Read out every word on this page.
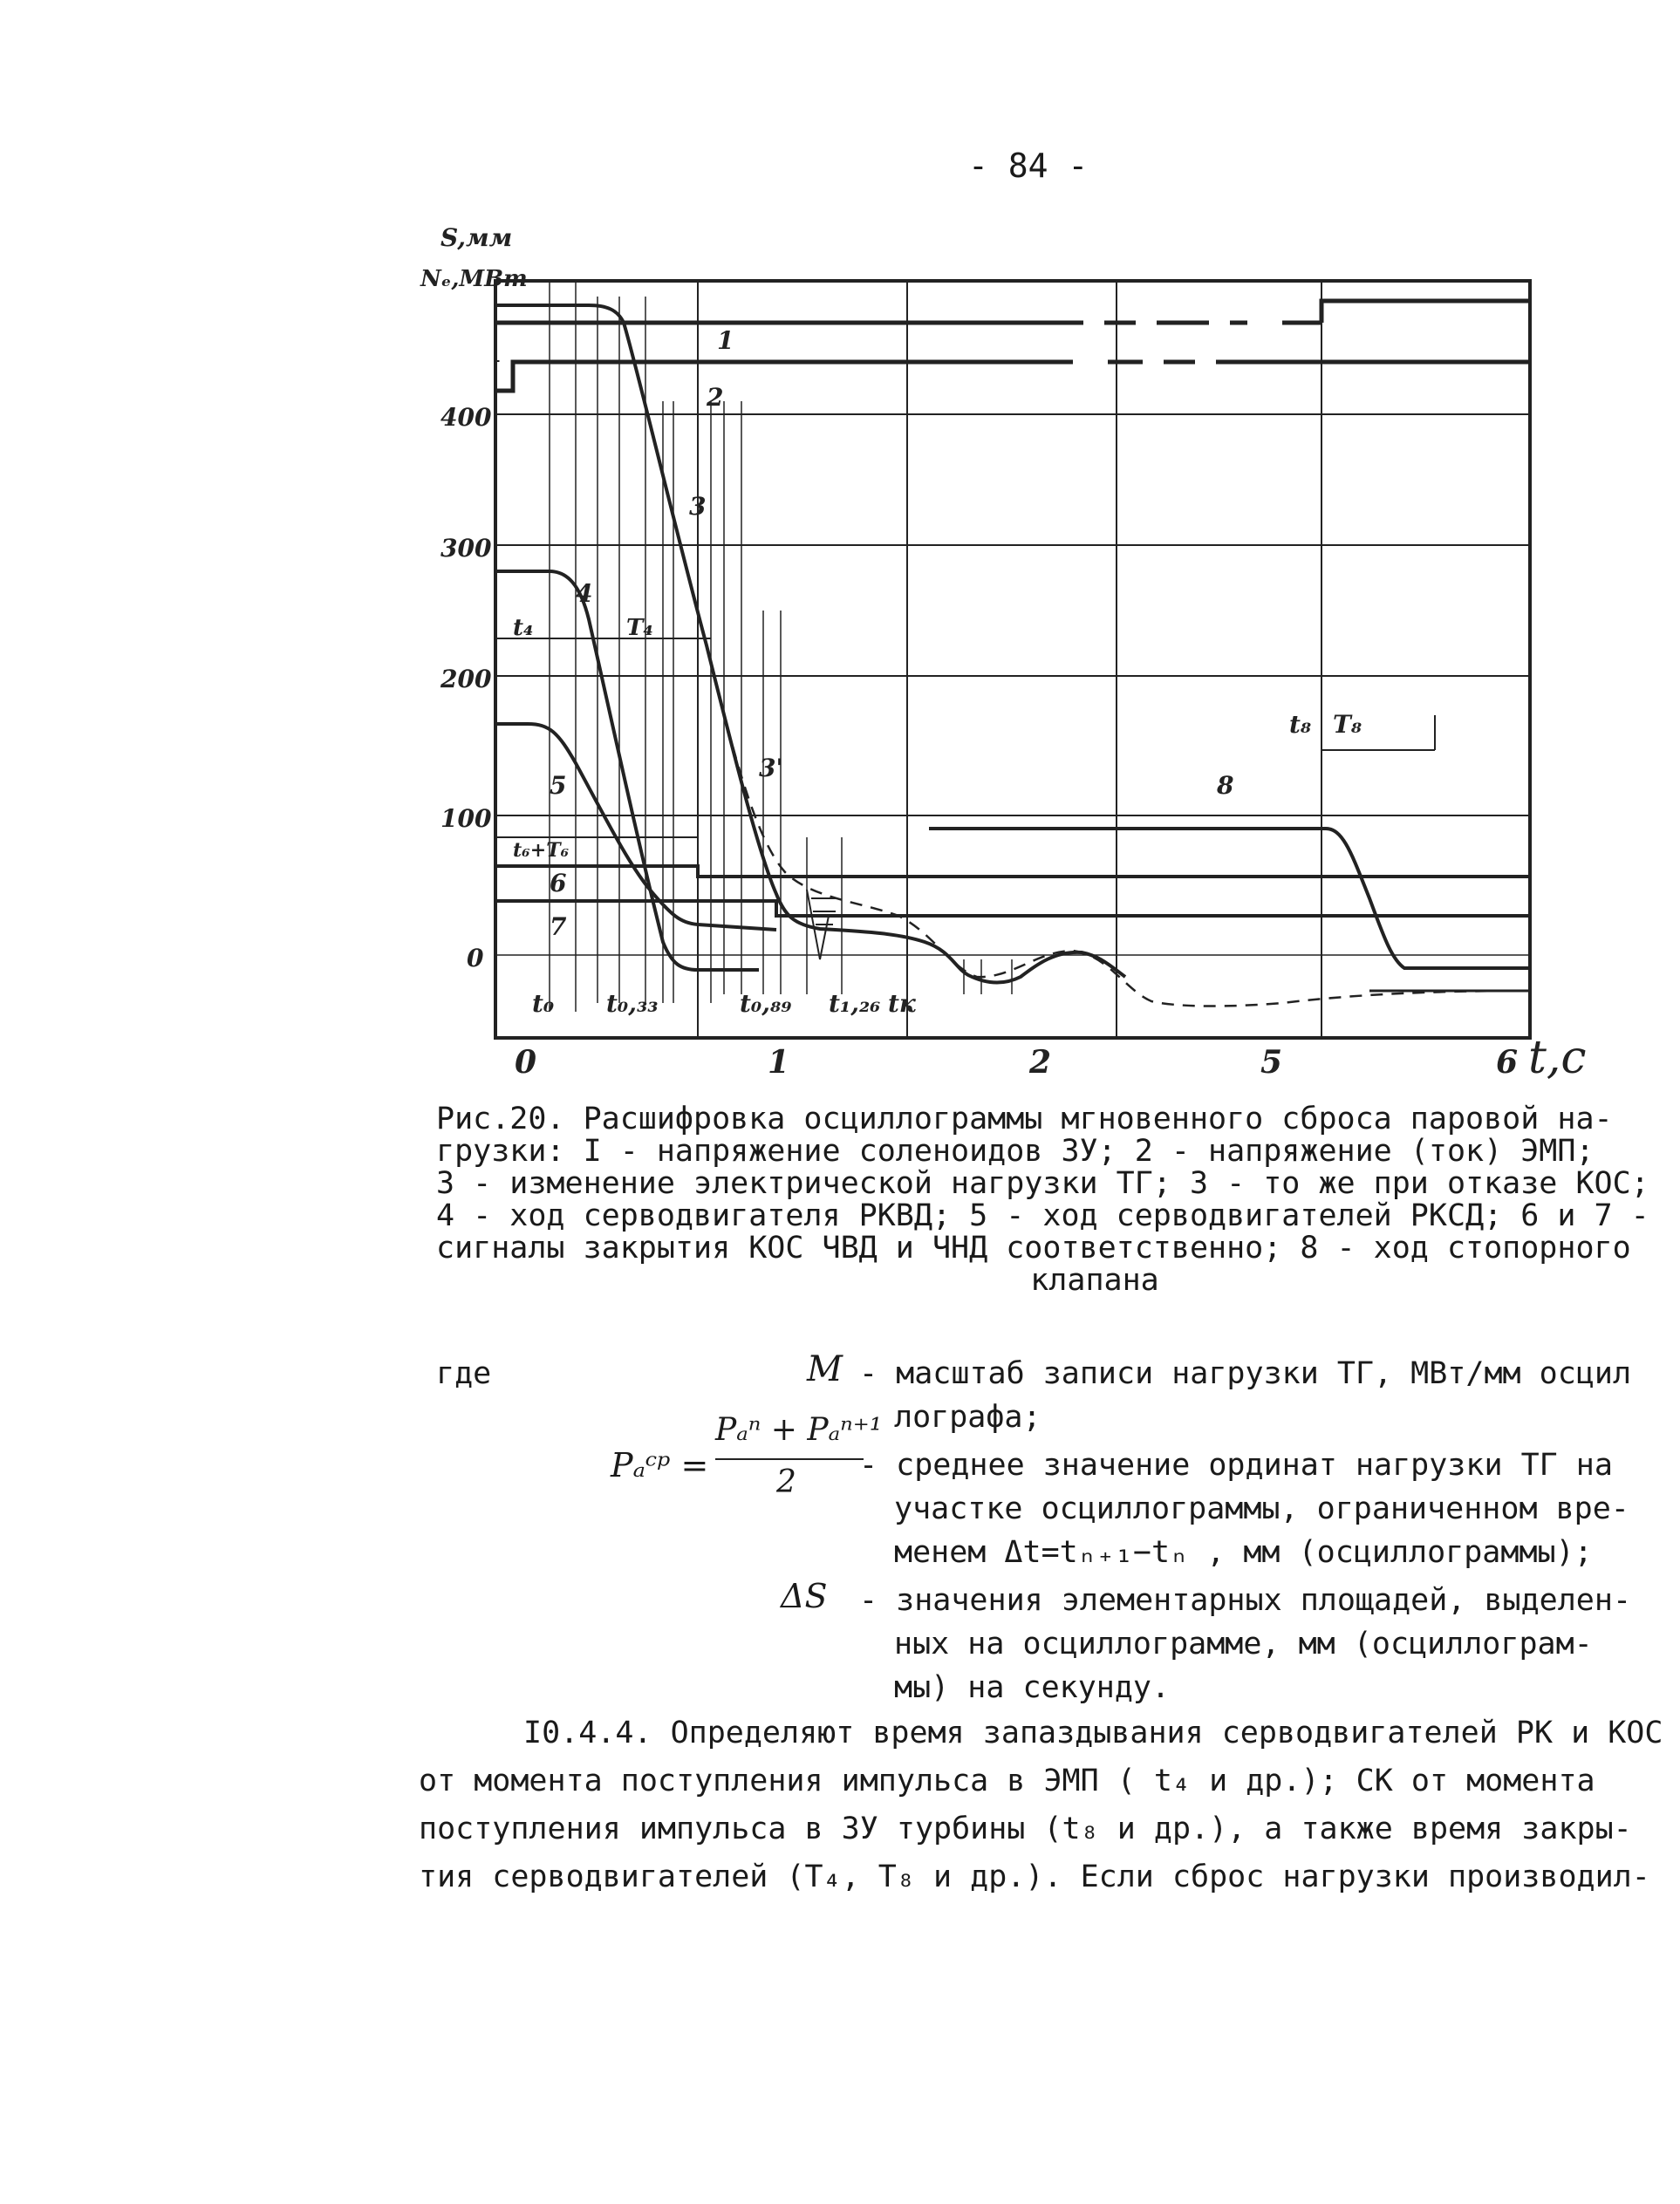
- 84 -
S,мм
Nₑ,МВт
400
300
200
100
0
0	1	2	5	6 t,c
1
2
3
3'
4
5
6
7
8
t₄	T₄
t₆+T₆
t₀ t₀,₃₃	t₀,₈₉ t₁,₂₆ tк
t₈ T₈
Рис.20. Расшифровка осциллограммы мгновенного сброса паровой на-
грузки: I - напряжение соленоидов ЗУ; 2 - напряжение (ток) ЭМП;
3 - изменение электрической нагрузки ТГ; 3 - то же при отказе КОС;
4 - ход серводвигателя РКВД; 5 - ход серводвигателей РКСД; 6 и 7 -
сигналы закрытия КОС ЧВД и ЧНД соответственно; 8 - ход стопорного
клапана
где	M - масштаб записи нагрузки ТГ, МВт/мм осцил
лографа;
Pₐᶜᵖ =
Pₐⁿ + Pₐⁿ⁺¹
2 - среднее значение ординат нагрузки ТГ на
участке осциллограммы, ограниченном вре-
менем Δt=tₙ₊₁−tₙ , мм (осциллограммы);
ΔS - значения элементарных площадей, выделен-
ных на осциллограмме, мм (осциллограм-
мы) на секунду.
I0.4.4. Определяют время запаздывания серводвигателей РК и КОС
от момента поступления импульса в ЭМП ( t₄ и др.); СК от момента
поступления импульса в ЗУ турбины (t₈ и др.), а также время закры-
тия серводвигателей (T₄, T₈ и др.). Если сброс нагрузки производил-
